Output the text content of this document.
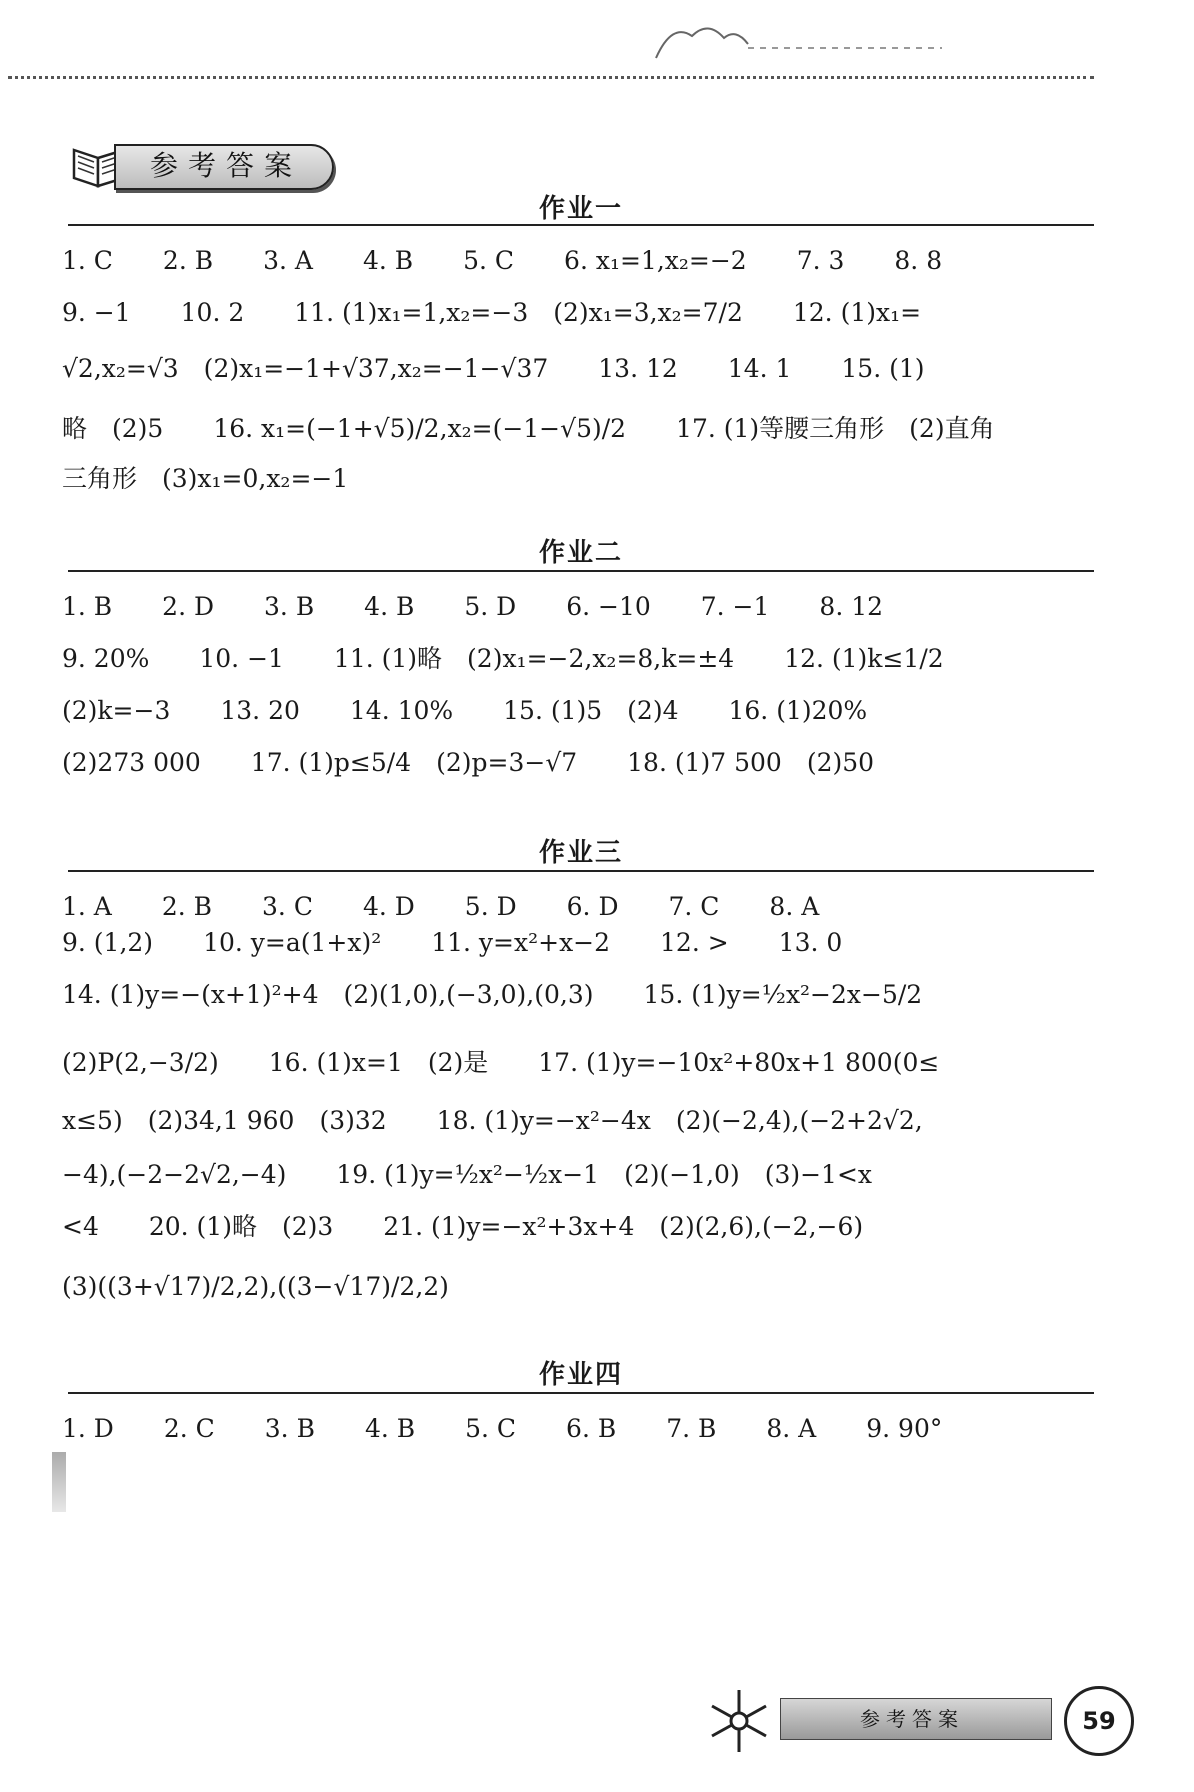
参考答案
作业一
1. C　　2. B　　3. A　　4. B　　5. C　　6. x₁=1,x₂=−2　　7. 3　　8. 8
9. −1　　10. 2　　11. (1)x₁=1,x₂=−3　(2)x₁=3,x₂=7/2　　12. (1)x₁=
√2,x₂=√3　(2)x₁=−1+√37,x₂=−1−√37　　13. 12　　14. 1　　15. (1)
略　(2)5　　16. x₁=(−1+√5)/2,x₂=(−1−√5)/2　　17. (1)等腰三角形　(2)直角
三角形　(3)x₁=0,x₂=−1
作业二
1. B　　2. D　　3. B　　4. B　　5. D　　6. −10　　7. −1　　8. 12
9. 20%　　10. −1　　11. (1)略　(2)x₁=−2,x₂=8,k=±4　　12. (1)k≤1/2
(2)k=−3　　13. 20　　14. 10%　　15. (1)5　(2)4　　16. (1)20%
(2)273 000　　17. (1)p≤5/4　(2)p=3−√7　　18. (1)7 500　(2)50
作业三
1. A　　2. B　　3. C　　4. D　　5. D　　6. D　　7. C　　8. A
9. (1,2)　　10. y=a(1+x)²　　11. y=x²+x−2　　12. >　　13. 0
14. (1)y=−(x+1)²+4　(2)(1,0),(−3,0),(0,3)　　15. (1)y=½x²−2x−5/2
(2)P(2,−3/2)　　16. (1)x=1　(2)是　　17. (1)y=−10x²+80x+1 800(0≤
x≤5)　(2)34,1 960　(3)32　　18. (1)y=−x²−4x　(2)(−2,4),(−2+2√2,
−4),(−2−2√2,−4)　　19. (1)y=½x²−½x−1　(2)(−1,0)　(3)−1<x
<4　　20. (1)略　(2)3　　21. (1)y=−x²+3x+4　(2)(2,6),(−2,−6)
(3)((3+√17)/2,2),((3−√17)/2,2)
作业四
1. D　　2. C　　3. B　　4. B　　5. C　　6. B　　7. B　　8. A　　9. 90°
参考答案	59
